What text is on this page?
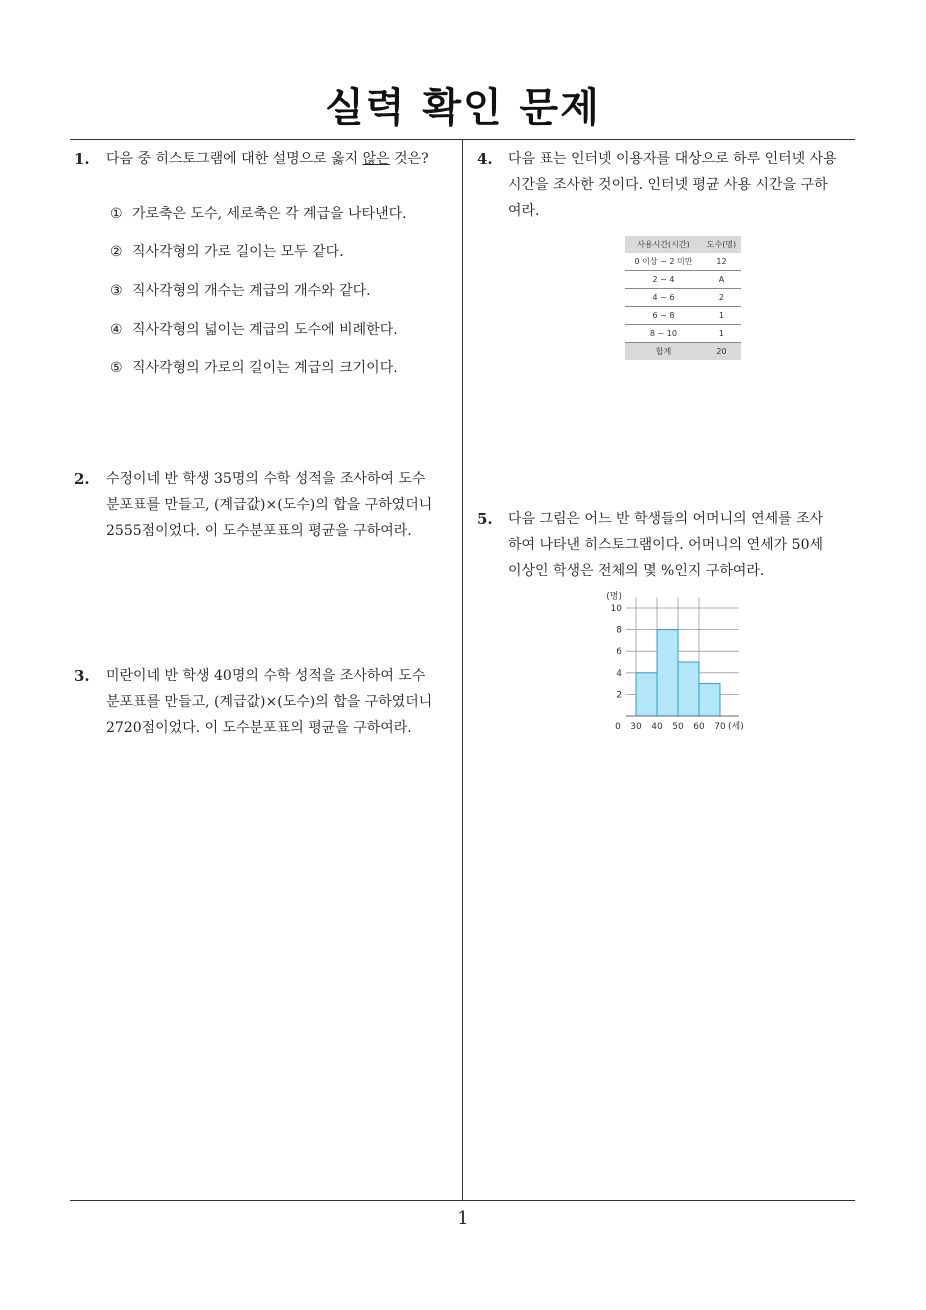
실력 확인 문제
1. 다음 중 히스토그램에 대한 설명으로 옳지 않은 것은?
① 가로축은 도수, 세로축은 각 계급을 나타낸다.
② 직사각형의 가로 길이는 모두 같다.
③ 직사각형의 개수는 계급의 개수와 같다.
④ 직사각형의 넓이는 계급의 도수에 비례한다.
⑤ 직사각형의 가로의 길이는 계급의 크기이다.
2. 수정이네 반 학생 35명의 수학 성적을 조사하여 도수
분포표를 만들고, (계급값)×(도수)의 합을 구하였더니
2555점이었다. 이 도수분포표의 평균을 구하여라.
3. 미란이네 반 학생 40명의 수학 성적을 조사하여 도수
분포표를 만들고, (계급값)×(도수)의 합을 구하였더니
2720점이었다. 이 도수분포표의 평균을 구하여라.
4. 다음 표는 인터넷 이용자를 대상으로 하루 인터넷 사용
시간을 조사한 것이다. 인터넷 평균 사용 시간을 구하
여라.
사용시간(시간)	도수(명)
0 이상 ~ 2 미만	12
2 ~ 4	A
4 ~ 6	2
6 ~ 8	1
8 ~ 10	1
합계	20
5. 다음 그림은 어느 반 학생들의 어머니의 연세를 조사
하여 나타낸 히스토그램이다. 어머니의 연세가 50세
이상인 학생은 전체의 몇 %인지 구하여라.
2
4
6
8
10
(명)
0 30 40 50 60 70 (세)
1
